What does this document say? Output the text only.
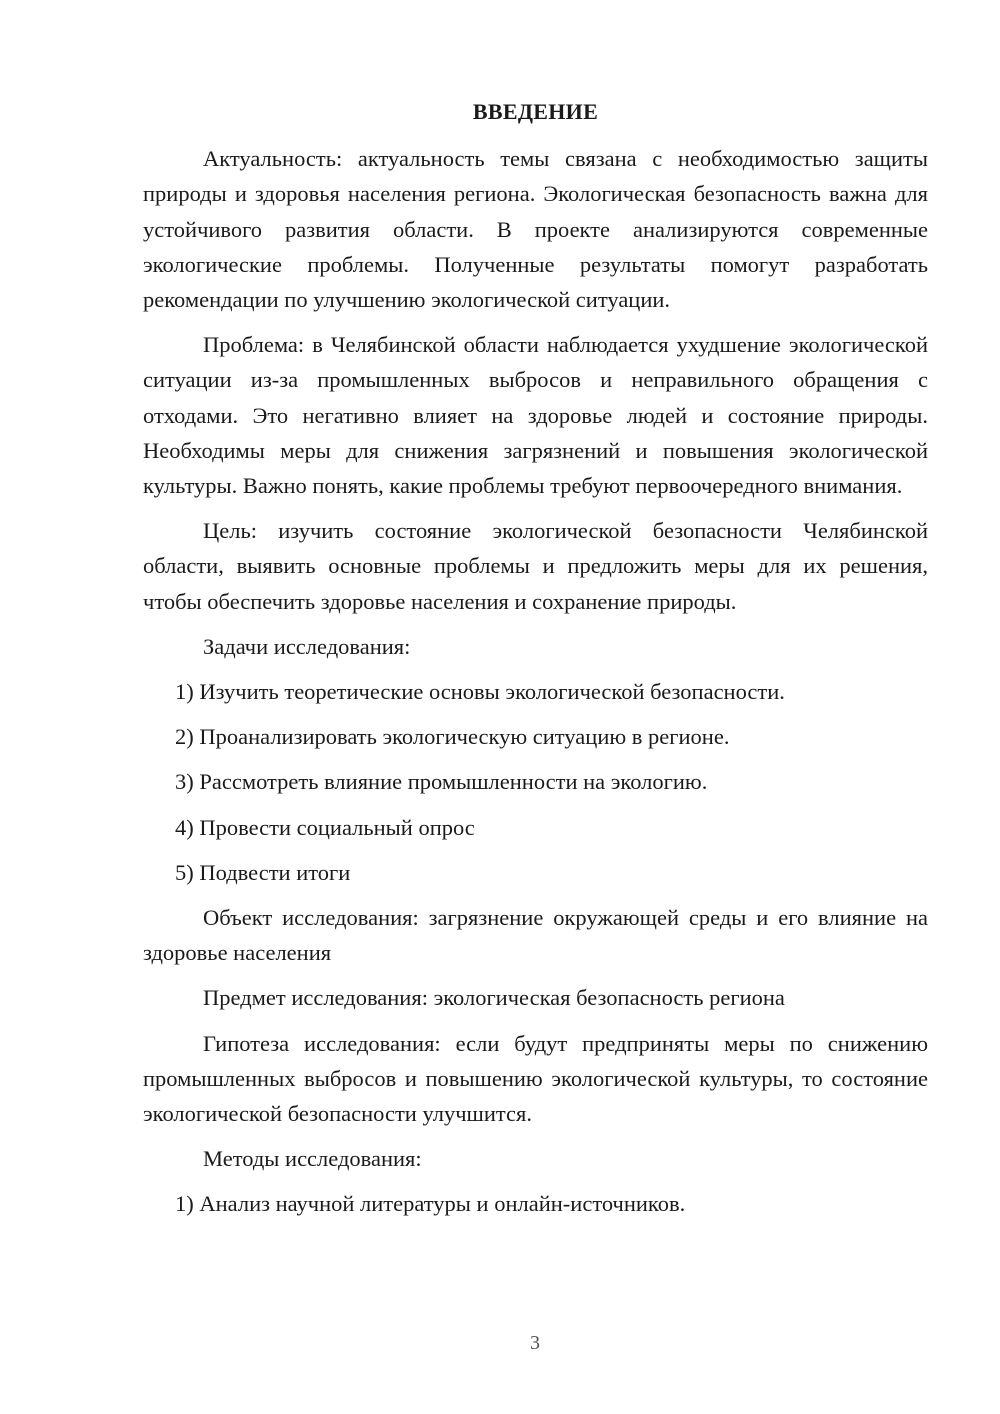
ВВЕДЕНИЕ

Актуальность: актуальность темы связана с необходимостью защиты природы и здоровья населения региона. Экологическая безопасность важна для устойчивого развития области. В проекте анализируются современные экологические проблемы. Полученные результаты помогут разработать рекомендации по улучшению экологической ситуации.

Проблема: в Челябинской области наблюдается ухудшение экологической ситуации из-за промышленных выбросов и неправильного обращения с отходами. Это негативно влияет на здоровье людей и состояние природы. Необходимы меры для снижения загрязнений и повышения экологической культуры. Важно понять, какие проблемы требуют первоочередного внимания.

Цель: изучить состояние экологической безопасности Челябинской области, выявить основные проблемы и предложить меры для их решения, чтобы обеспечить здоровье населения и сохранение природы.

Задачи исследования:
1) Изучить теоретические основы экологической безопасности.
2) Проанализировать экологическую ситуацию в регионе.
3) Рассмотреть влияние промышленности на экологию.
4) Провести социальный опрос
5) Подвести итоги

Объект исследования: загрязнение окружающей среды и его влияние на здоровье населения

Предмет исследования: экологическая безопасность региона

Гипотеза исследования: если будут предприняты меры по снижению промышленных выбросов и повышению экологической культуры, то состояние экологической безопасности улучшится.

Методы исследования:
1) Анализ научной литературы и онлайн-источников.
3
